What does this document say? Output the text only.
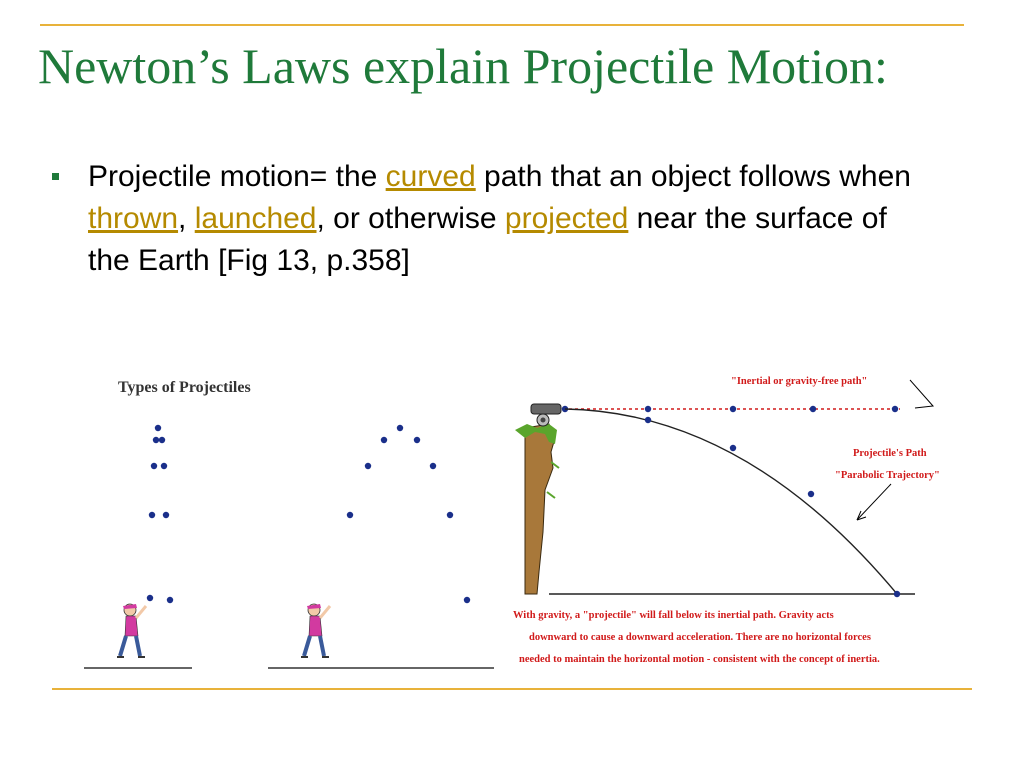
Newton’s Laws explain Projectile Motion:
Projectile motion= the curved path that an object follows when thrown, launched, or otherwise projected near the surface of the Earth [Fig 13, p.358]
Types of Projectiles	"Inertial or gravity-free path"
Projectile's Path
"Parabolic Trajectory"
With gravity, a "projectile" will fall below its inertial path. Gravity acts
downward to cause a downward acceleration. There are no horizontal forces
needed to maintain the horizontal motion - consistent with the concept of inertia.
